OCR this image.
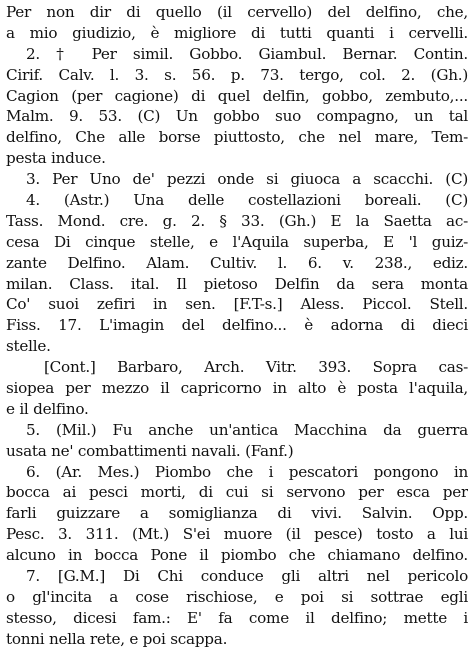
Per non dir di quello (il cervello) del delfino, che,
a mio giudizio, è migliore di tutti quanti i cervelli.
2. † Per simil. Gobbo. Giambul. Bernar. Contin.
Cirif. Calv. l. 3. s. 56. p. 73. tergo, col. 2. (Gh.)
Cagion (per cagione) di quel delfin, gobbo, zembuto,...
Malm. 9. 53. (C) Un gobbo suo compagno, un tal
delfino, Che alle borse piuttosto, che nel mare, Tem-
pesta induce.
3. Per Uno de' pezzi onde si giuoca a scacchi. (C)
4. (Astr.) Una delle costellazioni boreali. (C)
Tass. Mond. cre. g. 2. § 33. (Gh.) E la Saetta ac-
cesa Di cinque stelle, e l'Aquila superba, E 'l guiz-
zante Delfino. Alam. Cultiv. l. 6. v. 238., ediz.
milan. Class. ital. Il pietoso Delfin da sera monta
Co' suoi zefiri in sen. [F.T-s.] Aless. Piccol. Stell.
Fiss. 17. L'imagin del delfino... è adorna di dieci
stelle.
[Cont.] Barbaro, Arch. Vitr. 393. Sopra cas-
siopea per mezzo il capricorno in alto è posta l'aquila,
e il delfino.
5. (Mil.) Fu anche un'antica Macchina da guerra
usata ne' combattimenti navali. (Fanf.)
6. (Ar. Mes.) Piombo che i pescatori pongono in
bocca ai pesci morti, di cui si servono per esca per
farli guizzare a somiglianza di vivi. Salvin. Opp.
Pesc. 3. 311. (Mt.) S'ei muore (il pesce) tosto a lui
alcuno in bocca Pone il piombo che chiamano delfino.
7. [G.M.] Di Chi conduce gli altri nel pericolo
o gl'incita a cose rischiose, e poi si sottrae egli
stesso, dicesi fam.: E' fa come il delfino; mette i
tonni nella rete, e poi scappa.
